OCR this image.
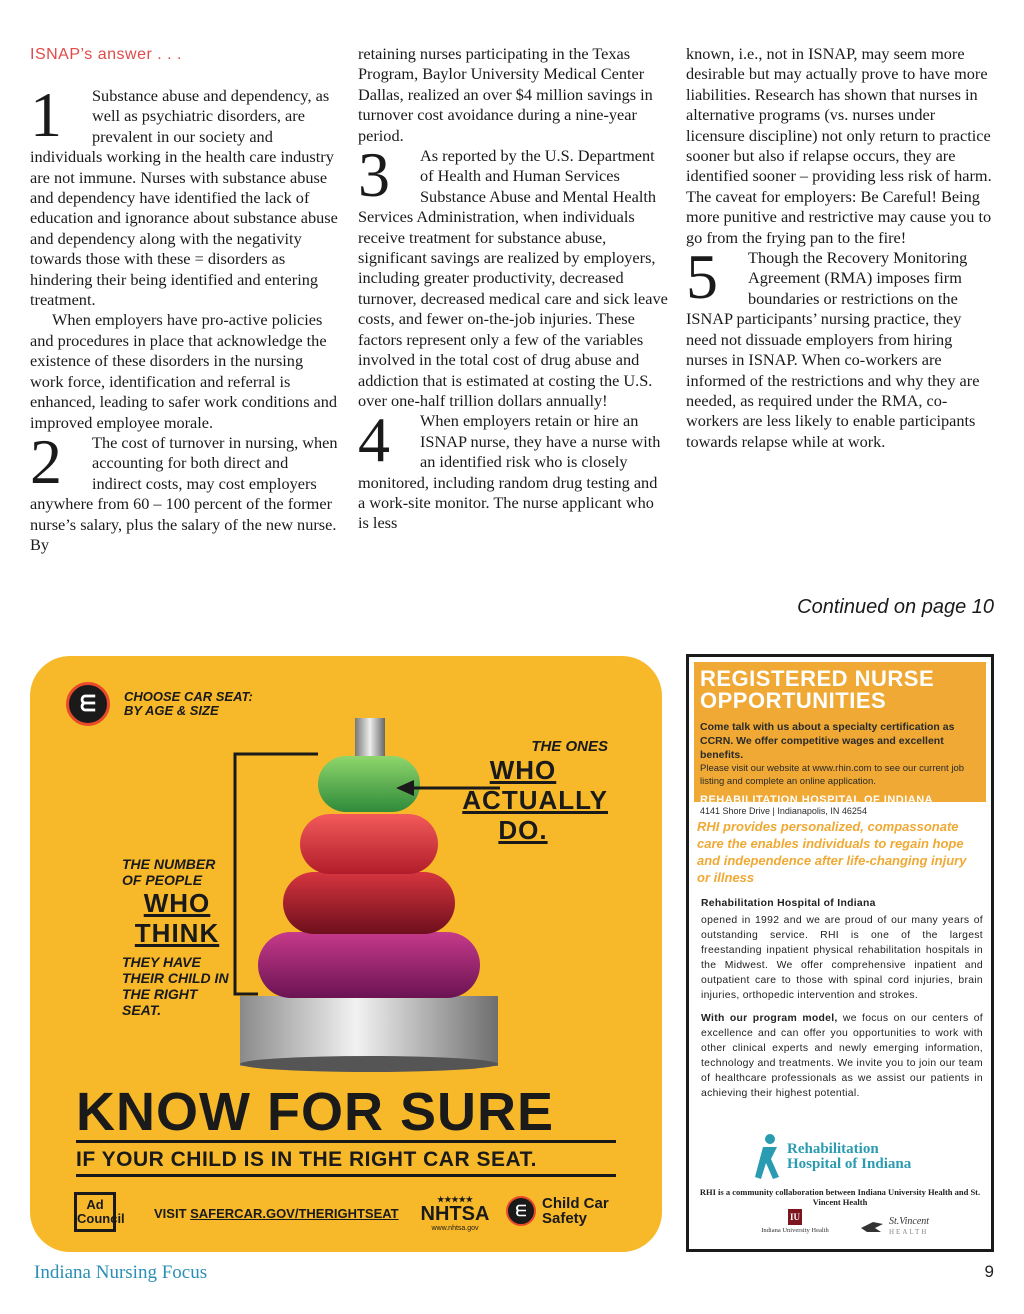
ISNAP’s answer . . .

1	Substance abuse and dependency, as well as psychiatric disorders, are prevalent in our society and individuals working in the health care industry are not immune. Nurses with substance abuse and dependency have identified the lack of education and ignorance about substance abuse and dependency along with the negativity towards those with these = disorders as hindering their being identified and entering treatment.

When employers have pro-active policies and procedures in place that acknowledge the existence of these disorders in the nursing work force, identification and referral is enhanced, leading to safer work conditions and improved employee morale.

2	The cost of turnover in nursing, when accounting for both direct and indirect costs, may cost employers anywhere from 60 – 100 percent of the former nurse’s salary, plus the salary of the new nurse. By

retaining nurses participating in the Texas Program, Baylor University Medical Center Dallas, realized an over $4 million savings in turnover cost avoidance during a nine-year period.

3	As reported by the U.S. Department of Health and Human Services Substance Abuse and Mental Health Services Administration, when individuals receive treatment for substance abuse, significant savings are realized by employers, including greater productivity, decreased turnover, decreased medical care and sick leave costs, and fewer on-the-job injuries. These factors represent only a few of the variables involved in the total cost of drug abuse and addiction that is estimated at costing the U.S. over one-half trillion dollars annually!

4	When employers retain or hire an ISNAP nurse, they have a nurse with an identified risk who is closely monitored, including random drug testing and a work-site monitor. The nurse applicant who is less

known, i.e., not in ISNAP, may seem more desirable but may actually prove to have more liabilities. Research has shown that nurses in alternative programs (vs. nurses under licensure discipline) not only return to practice sooner but also if relapse occurs, they are identified sooner – providing less risk of harm. The caveat for employers: Be Careful! Being more punitive and restrictive may cause you to go from the frying pan to the fire!

5	Though the Recovery Monitoring Agreement (RMA) imposes firm boundaries or restrictions on the ISNAP participants’ nursing practice, they need not dissuade employers from hiring nurses in ISNAP. When co-workers are informed of the restrictions and why they are needed, as required under the RMA, co-workers are less likely to enable participants towards relapse while at work.

Continued on page 10
ᗴ	CHOOSE CAR SEAT:
BY AGE & SIZE
THE ONES
WHO
ACTUALLY
DO.
THE NUMBER OF PEOPLE
WHO
THINK
THEY HAVE THEIR CHILD IN THE RIGHT SEAT.
KNOW FOR SURE
IF YOUR CHILD IS IN THE RIGHT CAR SEAT.
Ad Council VISIT SAFERCAR.GOV/THERIGHTSEAT
★★★★★
NHTSA
www.nhtsa.gov
ᗴ	Child Car
Safety
REGISTERED NURSE
OPPORTUNITIES
Come talk with us about a specialty certification as CCRN. We offer competitive wages and excellent benefits.
Please visit our website at www.rhin.com to see our current job listing and complete an online application.
REHABILITATION HOSPITAL OF INDIANA
4141 Shore Drive | Indianapolis, IN 46254
RHI provides personalized, compassonate care the enables individuals to regain hope and independence after life-changing injury or illness
Rehabilitation Hospital of Indiana

opened in 1992 and we are proud of our many years of outstanding service. RHI is one of the largest freestanding inpatient physical rehabilitation hospitals in the Midwest. We offer comprehensive inpatient and outpatient care to those with spinal cord injuries, brain injuries, orthopedic intervention and strokes.

With our program model, we focus on our centers of excellence and can offer you opportunities to work with other clinical experts and newly emerging information, technology and treatments. We invite you to join our team of healthcare professionals as we assist our patients in achieving their highest potential.

Rehabilitation
Hospital of Indiana
RHI is a community collaboration between Indiana University Health and St. Vincent Health
IU
Indiana University Health
St.Vincent
HEALTH
Indiana Nursing Focus	9
